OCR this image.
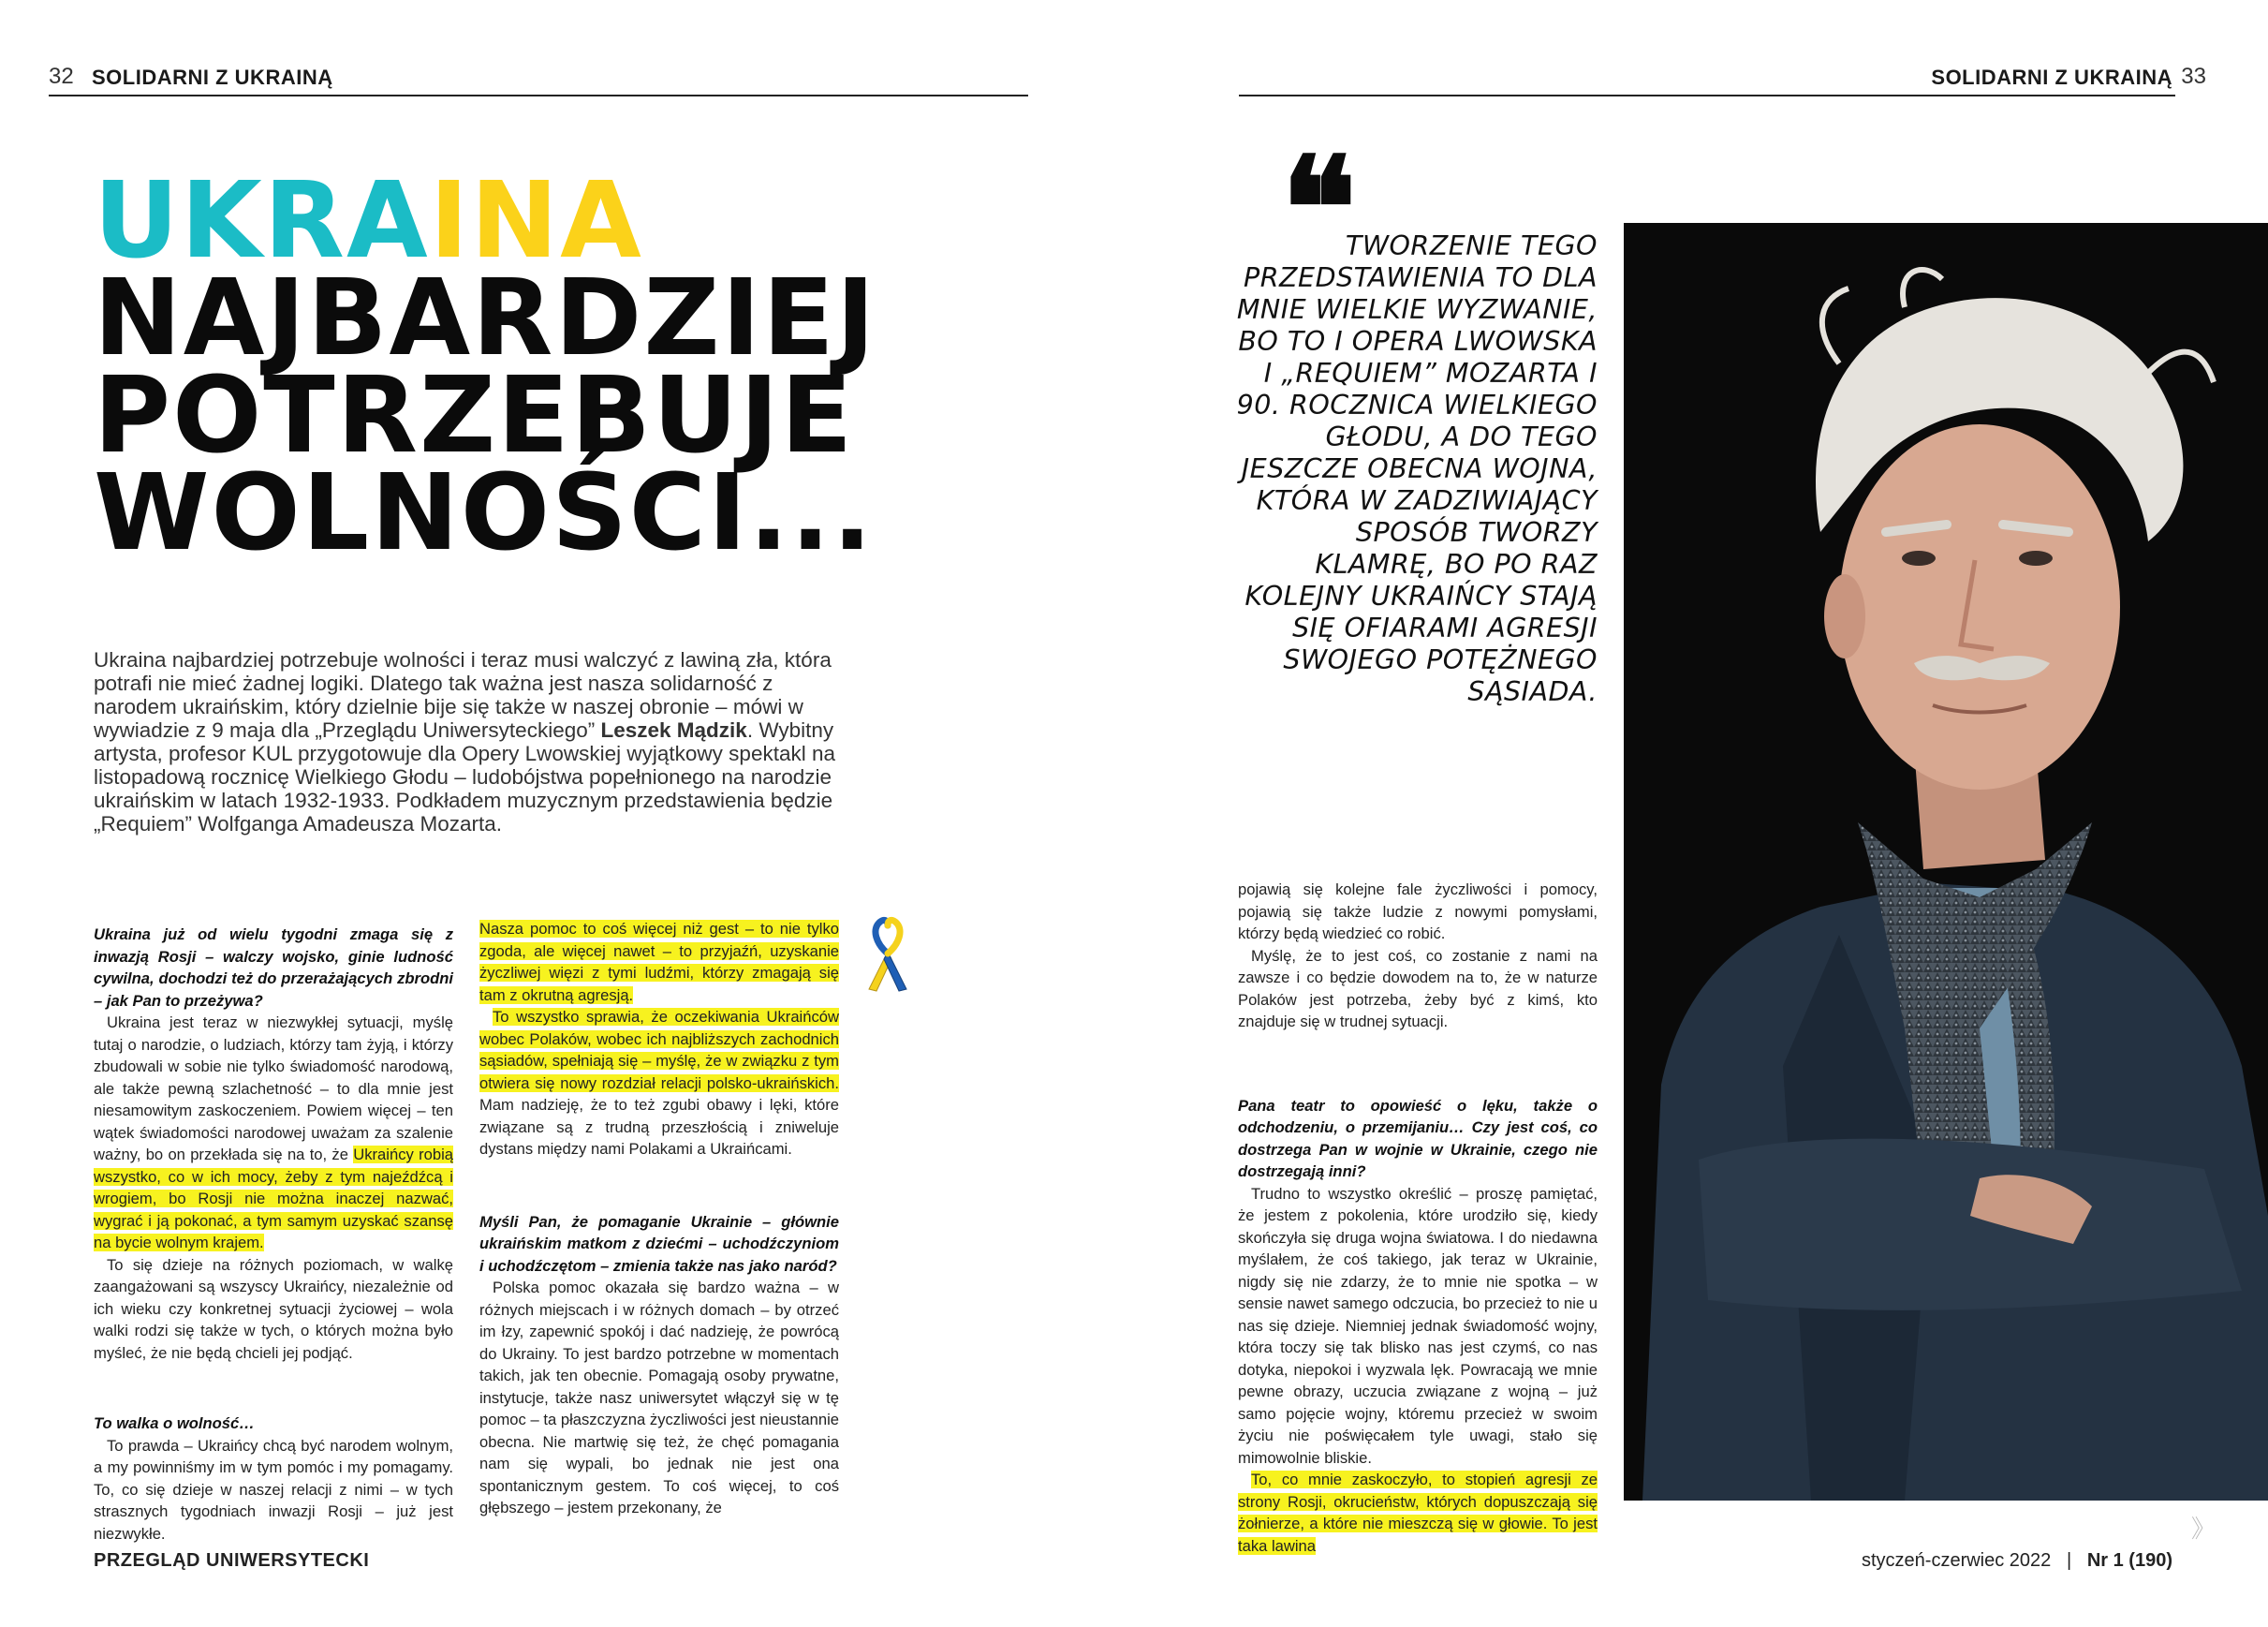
32 SOLIDARNI Z UKRAINĄ	SOLIDARNI Z UKRAINĄ 33
UKRAINA
NAJBARDZIEJ
POTRZEBUJE
WOLNOŚCI...
Ukraina najbardziej potrzebuje wolności i teraz musi walczyć z lawiną zła, która potrafi nie mieć żadnej logiki. Dlatego tak ważna jest nasza solidarność z narodem ukraińskim, który dzielnie bije się także w naszej obronie – mówi w wywiadzie z 9 maja dla „Przeglądu Uniwersyteckiego” Leszek Mądzik. Wybitny artysta, profesor KUL przygotowuje dla Opery Lwowskiej wyjątkowy spektakl na listopadową rocznicę Wielkiego Głodu – ludobójstwa popełnionego na narodzie ukraińskim w latach 1932-1933. Podkładem muzycznym przedstawienia będzie „Requiem” Wolfganga Amadeusza Mozarta.

Ukraina już od wielu tygodni zmaga się z inwazją Rosji – walczy wojsko, ginie ludność cywilna, dochodzi też do przerażających zbrodni – jak Pan to przeżywa?

Ukraina jest teraz w niezwykłej sytuacji, myślę tutaj o narodzie, o ludziach, którzy tam żyją, i którzy zbudowali w sobie nie tylko świadomość narodową, ale także pewną szlachetność – to dla mnie jest niesamowitym zaskoczeniem. Powiem więcej – ten wątek świadomości narodowej uważam za szalenie ważny, bo on przekłada się na to, że Ukraińcy robią wszystko, co w ich mocy, żeby z tym najeźdźcą i wrogiem, bo Rosji nie można inaczej nazwać, wygrać i ją pokonać, a tym samym uzyskać szansę na bycie wolnym krajem.

To się dzieje na różnych poziomach, w walkę zaangażowani są wszyscy Ukraińcy, niezależnie od ich wieku czy konkretnej sytuacji życiowej – wola walki rodzi się także w tych, o których można było myśleć, że nie będą chcieli jej podjąć.

To walka o wolność…

To prawda – Ukraińcy chcą być narodem wolnym, a my powinniśmy im w tym pomóc i my pomagamy. To, co się dzieje w naszej relacji z nimi – w tych strasznych tygodniach inwazji Rosji – już jest niezwykłe.

Nasza pomoc to coś więcej niż gest – to nie tylko zgoda, ale więcej nawet – to przyjaźń, uzyskanie życzliwej więzi z tymi ludźmi, którzy zmagają się tam z okrutną agresją.

To wszystko sprawia, że oczekiwania Ukraińców wobec Polaków, wobec ich najbliższych zachodnich sąsiadów, spełniają się – myślę, że w związku z tym otwiera się nowy rozdział relacji polsko-ukraińskich. Mam nadzieję, że to też zgubi obawy i lęki, które związane są z trudną przeszłością i zniweluje dystans między nami Polakami a Ukraińcami.

Myśli Pan, że pomaganie Ukrainie – głównie ukraińskim matkom z dziećmi – uchodźczyniom i uchodźczętom – zmienia także nas jako naród?

Polska pomoc okazała się bardzo ważna – w różnych miejscach i w różnych domach – by otrzeć im łzy, zapewnić spokój i dać nadzieję, że powrócą do Ukrainy. To jest bardzo potrzebne w momentach takich, jak ten obecnie. Pomagają osoby prywatne, instytucje, także nasz uniwersytet włączył się w tę pomoc – ta płaszczyzna życzliwości jest nieustannie obecna. Nie martwię się też, że chęć pomagania nam się wypali, bo jednak nie jest ona spontanicznym gestem. To coś więcej, to coś głębszego – jestem przekonany, że

❝
TWORZENIE TEGO PRZEDSTAWIENIA TO DLA MNIE WIELKIE WYZWANIE, BO TO I OPERA LWOWSKA I „REQUIEM” MOZARTA I 90. ROCZNICA WIELKIEGO GŁODU, A DO TEGO JESZCZE OBECNA WOJNA, KTÓRA W ZADZIWIAJĄCY SPOSÓB TWORZY KLAMRĘ, BO PO RAZ KOLEJNY UKRAIŃCY STAJĄ SIĘ OFIARAMI AGRESJI SWOJEGO POTĘŻNEGO SĄSIADA.

pojawią się kolejne fale życzliwości i pomocy, pojawią się także ludzie z nowymi pomysłami, którzy będą wiedzieć co robić.

Myślę, że to jest coś, co zostanie z nami na zawsze i co będzie dowodem na to, że w naturze Polaków jest potrzeba, żeby być z kimś, kto znajduje się w trudnej sytuacji.

Pana teatr to opowieść o lęku, także o odchodzeniu, o przemijaniu… Czy jest coś, co dostrzega Pan w wojnie w Ukrainie, czego nie dostrzegają inni?

Trudno to wszystko określić – proszę pamiętać, że jestem z pokolenia, które urodziło się, kiedy skończyła się druga wojna światowa. I do niedawna myślałem, że coś takiego, jak teraz w Ukrainie, nigdy się nie zdarzy, że to mnie nie spotka – w sensie nawet samego odczucia, bo przecież to nie u nas się dzieje. Niemniej jednak świadomość wojny, która toczy się tak blisko nas jest czymś, co nas dotyka, niepokoi i wyzwala lęk. Powracają we mnie pewne obrazy, uczucia związane z wojną – już samo pojęcie wojny, któremu przecież w swoim życiu nie poświęcałem tyle uwagi, stało się mimowolnie bliskie.

To, co mnie zaskoczyło, to stopień agresji ze strony Rosji, okrucieństw, których dopuszczają się żołnierze, a które nie mieszczą się w głowie. To jest taka lawina

PRZEGLĄD UNIWERSYTECKI
》
styczeń-czerwiec 2022 | Nr 1 (190)
